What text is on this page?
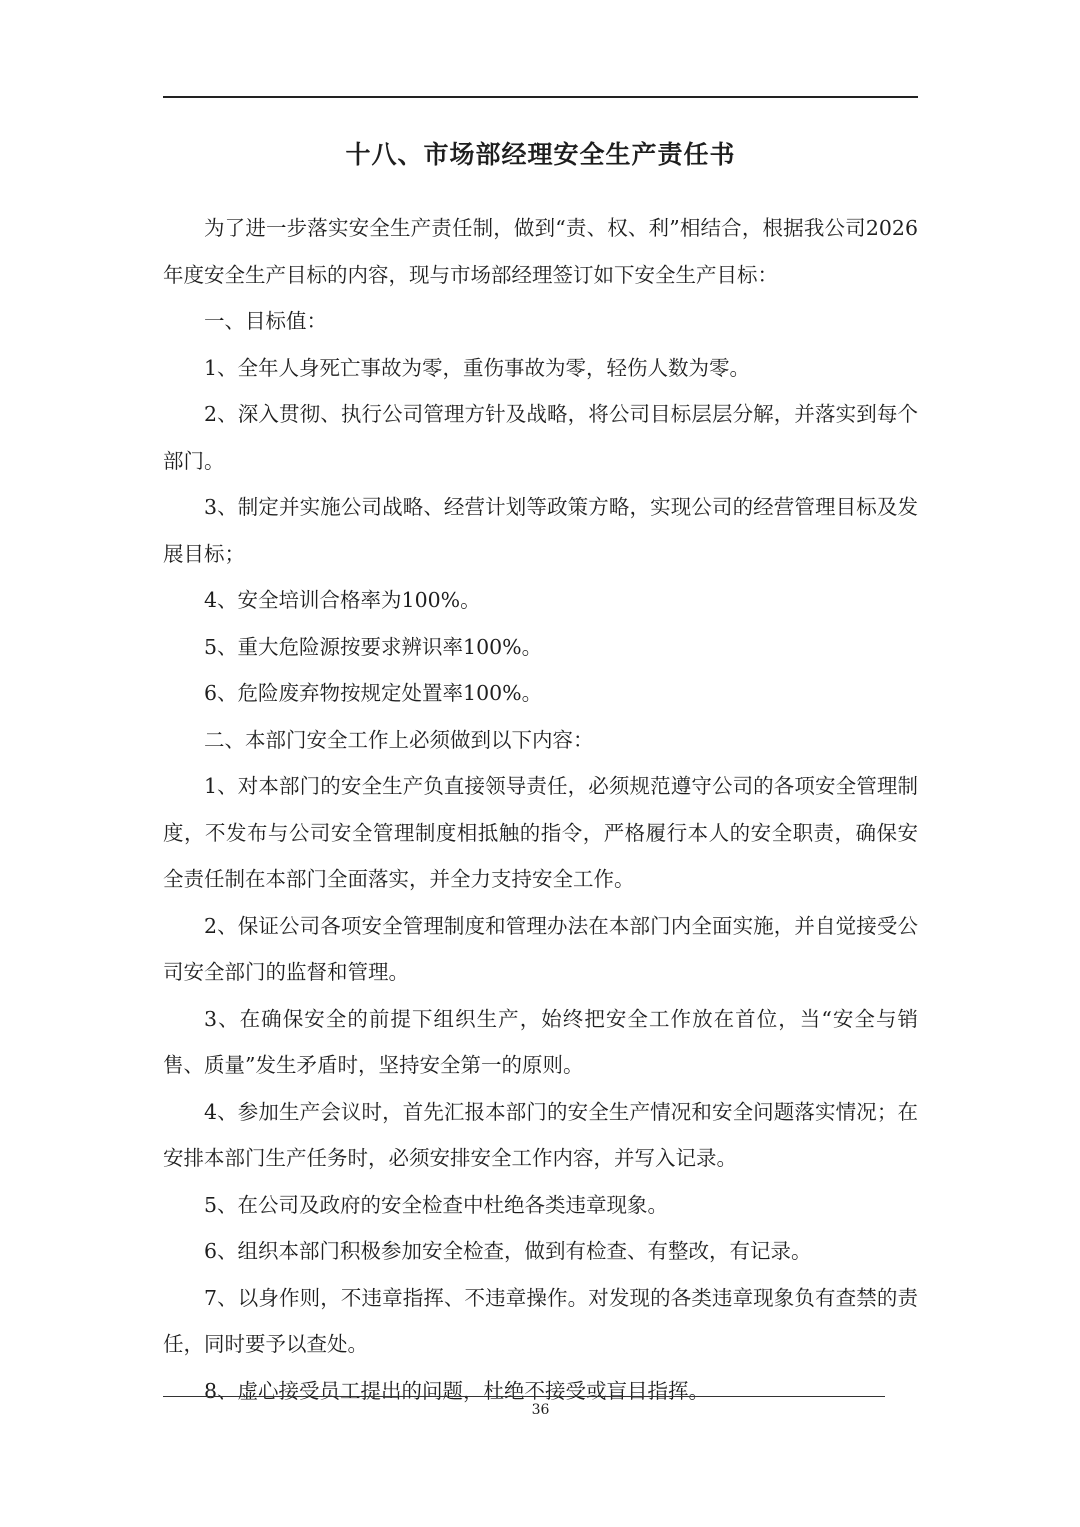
十八、市场部经理安全生产责任书

为了进一步落实安全生产责任制，做到“责、权、利”相结合，根据我公司2026年度安全生产目标的内容，现与市场部经理签订如下安全生产目标：

一、目标值：

1、全年人身死亡事故为零，重伤事故为零，轻伤人数为零。

2、深入贯彻、执行公司管理方针及战略，将公司目标层层分解，并落实到每个部门。

3、制定并实施公司战略、经营计划等政策方略，实现公司的经营管理目标及发展目标；

4、安全培训合格率为100%。

5、重大危险源按要求辨识率100%。

6、危险废弃物按规定处置率100%。

二、本部门安全工作上必须做到以下内容：

1、对本部门的安全生产负直接领导责任，必须规范遵守公司的各项安全管理制度，不发布与公司安全管理制度相抵触的指令，严格履行本人的安全职责，确保安全责任制在本部门全面落实，并全力支持安全工作。

2、保证公司各项安全管理制度和管理办法在本部门内全面实施，并自觉接受公司安全部门的监督和管理。

3、在确保安全的前提下组织生产，始终把安全工作放在首位，当“安全与销售、质量”发生矛盾时，坚持安全第一的原则。

4、参加生产会议时，首先汇报本部门的安全生产情况和安全问题落实情况；在安排本部门生产任务时，必须安排安全工作内容，并写入记录。

5、在公司及政府的安全检查中杜绝各类违章现象。

6、组织本部门积极参加安全检查，做到有检查、有整改，有记录。

7、以身作则，不违章指挥、不违章操作。对发现的各类违章现象负有查禁的责任，同时要予以查处。

8、虚心接受员工提出的问题，杜绝不接受或盲目指挥。

36
